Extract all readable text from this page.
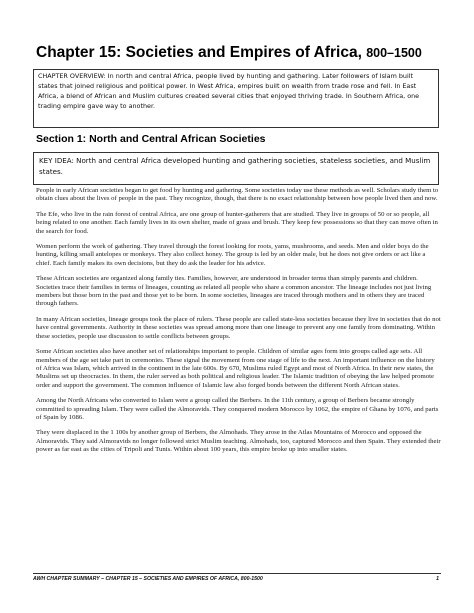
Chapter 15: Societies and Empires of Africa, 800–1500
CHAPTER OVERVIEW: In north and central Africa, people lived by hunting and gathering. Later followers of Islam built states that joined religious and political power. In West Africa, empires built on wealth from trade rose and fell. In East Africa, a blend of African and Muslim cultures created several cities that enjoyed thriving trade. In Southern Africa, one trading empire gave way to another.
Section 1: North and Central African Societies
KEY IDEA: North and central Africa developed hunting and gathering societies, stateless societies, and Muslim states.

People in early African societies began to get food by hunting and gathering. Some societies today use these methods as well. Scholars study them to obtain clues about the lives of people in the past. They recognize, though, that there is no exact relationship between how people lived then and now.

The Efe, who live in the rain forest of central Africa, are one group of hunter-gatherers that are studied. They live in groups of 50 or so people, all being related to one another. Each family lives in its own shelter, made of grass and brush. They keep few possessions so that they can move often in the search for food.

Women perform the work of gathering. They travel through the forest looking for roots, yams, mushrooms, and seeds. Men and older boys do the hunting, killing small antelopes or monkeys. They also collect honey. The group is led by an older male, but he does not give orders or act like a chief. Each family makes its own decisions, but they do ask the leader for his advice.

These African societies are organized along family ties. Families, however, are understood in broader terms than simply parents and children. Societies trace their families in terms of lineages, counting as related all people who share a common ancestor. The lineage includes not just living members but those born in the past and those yet to be born. In some societies, lineages are traced through mothers and in others they are traced through fathers.

In many African societies, lineage groups took the place of rulers. These people are called state-less societies because they live in societies that do not have central governments. Authority in these societies was spread among more than one lineage to prevent any one family from dominating. Within these societies, people use discussion to settle conflicts between groups.

Some African societies also have another set of relationships important to people. Children of similar ages form into groups called age sets. All members of the age set take part in ceremonies. These signal the movement from one stage of life to the next. An important influence on the history of Africa was Islam, which arrived in the continent in the late 600s. By 670, Muslims ruled Egypt and most of North Africa. In their new states, the Muslims set up theocracies. In them, the ruler served as both political and religious leader. The Islamic tradition of obeying the law helped promote order and support the government. The common influence of Islamic law also forged bonds between the different North African states.

Among the North Africans who converted to Islam were a group called the Berbers. In the 11th century, a group of Berbers became strongly committed to spreading Islam. They were called the Almoravids. They conquered modern Morocco by 1062, the empire of Ghana by 1076, and parts of Spain by 1086.

They were displaced in the 1 100s by another group of Berbers, the Almohads. They arose in the Atlas Mountains of Morocco and opposed the Almoravids. They said Almoravids no longer followed strict Muslim teaching. Almohads, too, captured Morocco and then Spain. They extended their power as far east as the cities of Tripoli and Tunis. Within about 100 years, this empire broke up into smaller states.

AWH CHAPTER SUMMARY – CHAPTER 15 – SOCIETIES AND EMPIRES OF AFRICA, 800-1500	1
